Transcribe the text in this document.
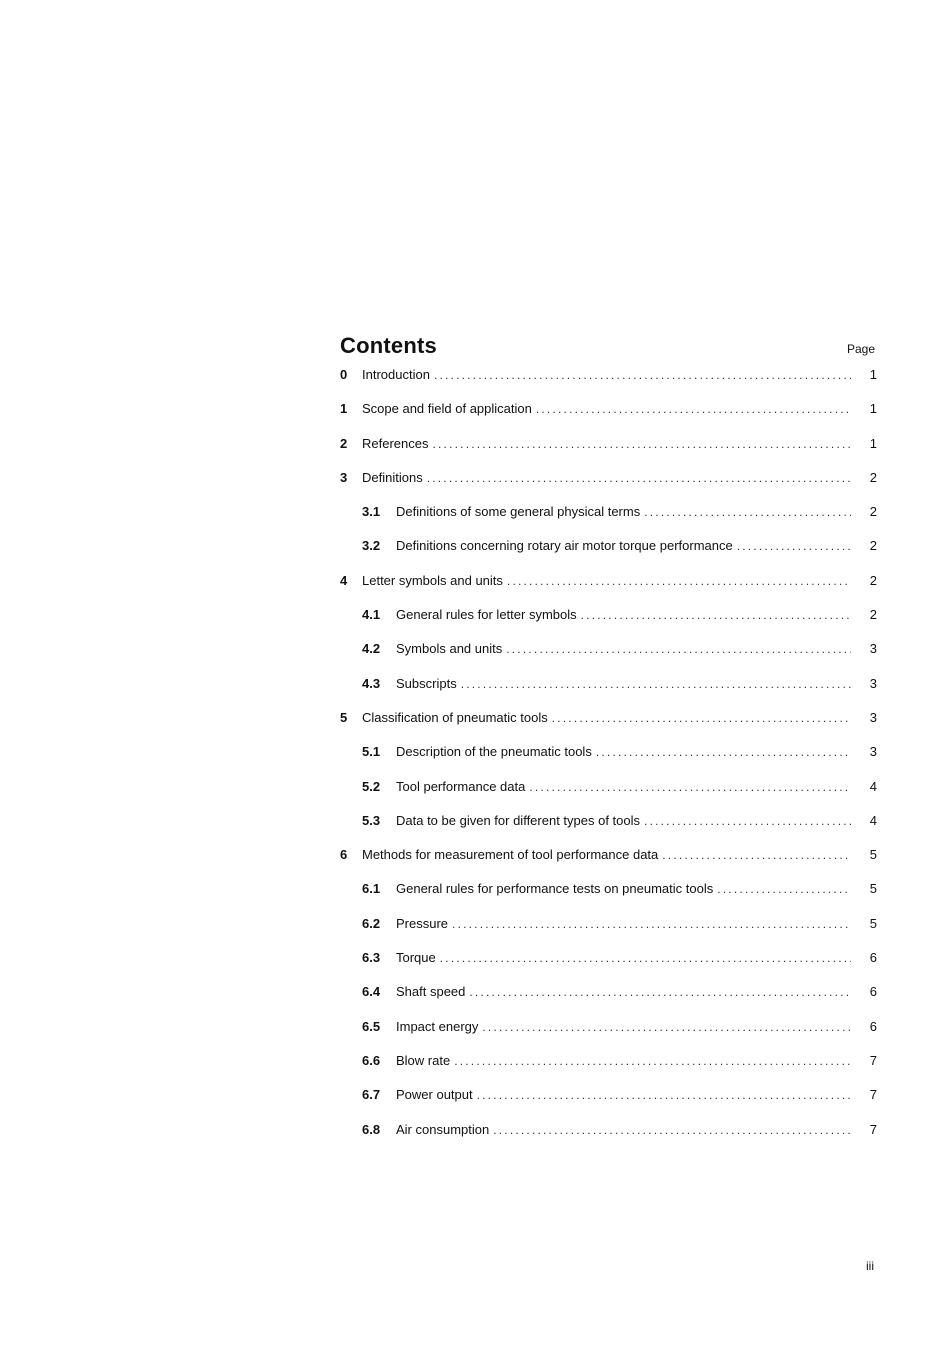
Contents	Page
0	Introduction .....	1
1	Scope and field of application .....	1
2	References .....	1
3	Definitions .....	2
3.1	Definitions of some general physical terms .....	2
3.2	Definitions concerning rotary air motor torque performance .....	2
4	Letter symbols and units .....	2
4.1	General rules for letter symbols .....	2
4.2	Symbols and units .....	3
4.3	Subscripts .....	3
5	Classification of pneumatic tools .....	3
5.1	Description of the pneumatic tools .....	3
5.2	Tool performance data .....	4
5.3	Data to be given for different types of tools .....	4
6	Methods for measurement of tool performance data .....	5
6.1	General rules for performance tests on pneumatic tools .....	5
6.2	Pressure .....	5
6.3	Torque .....	6
6.4	Shaft speed .....	6
6.5	Impact energy .....	6
6.6	Blow rate .....	7
6.7	Power output .....	7
6.8	Air consumption .....	7
iii
